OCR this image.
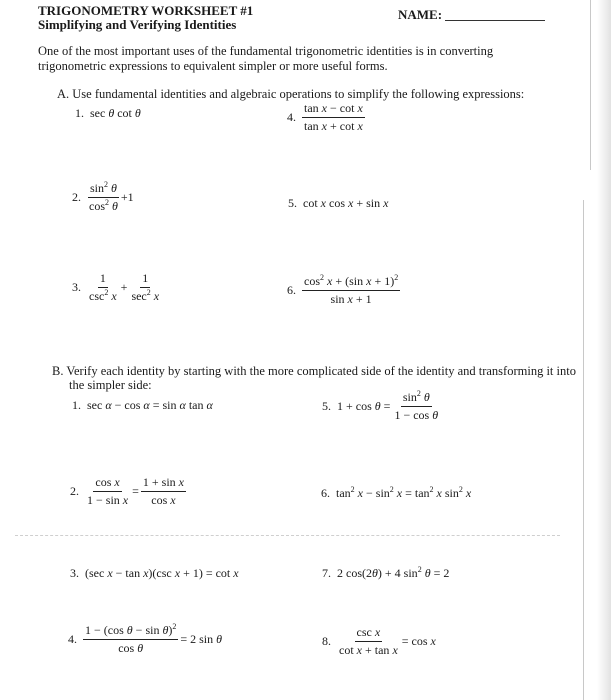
TRIGONOMETRY WORKSHEET #1
Simplifying and Verifying Identities
NAME:
One of the most important uses of the fundamental trigonometric identities is in converting trigonometric expressions to equivalent simpler or more useful forms.
A. Use fundamental identities and algebraic operations to simplify the following expressions:
1. sec θ cot θ	4. $\frac{\text{tan x − cot x}}{\text{tan x + cot x}}$
2. $\frac{\sin^2 \theta}{\cos^2 \theta} +1$	5. cot x cos x + sin x
3. $\frac{1}{\csc^2 x} + \frac{1}{\sec^2 x}$	6. $\frac{\cos^2 x + (\sin x + 1)^2}{\text{sin x + 1}}$
B. Verify each identity by starting with the more complicated side of the identity and transforming it into the simpler side:
1. sec α − cos α = sin α tan α	5. $1 + \cos \theta = \frac{\sin^2 \theta}{\text{1 − cos θ}}$
2. $\frac{\text{cos x}}{\text{1 − sin x}} = \frac{\text{1 + sin x}}{\text{cos x}}$	6. $\tan^2 x - \sin^2 x = \tan^2 x$ $\sin^2 x$
3. (sec x − tan x)(csc x + 1) = cot x	7. 2 cos(2θ) + 4 $\sin^2 \theta = 2$
4. $\frac{1 - (\cos \theta - \sin \theta)^2}{\text{cos θ}} = 2$ sin θ	8. $\frac{\text{csc x}}{\text{cot x + tan x}} = \cos x$
